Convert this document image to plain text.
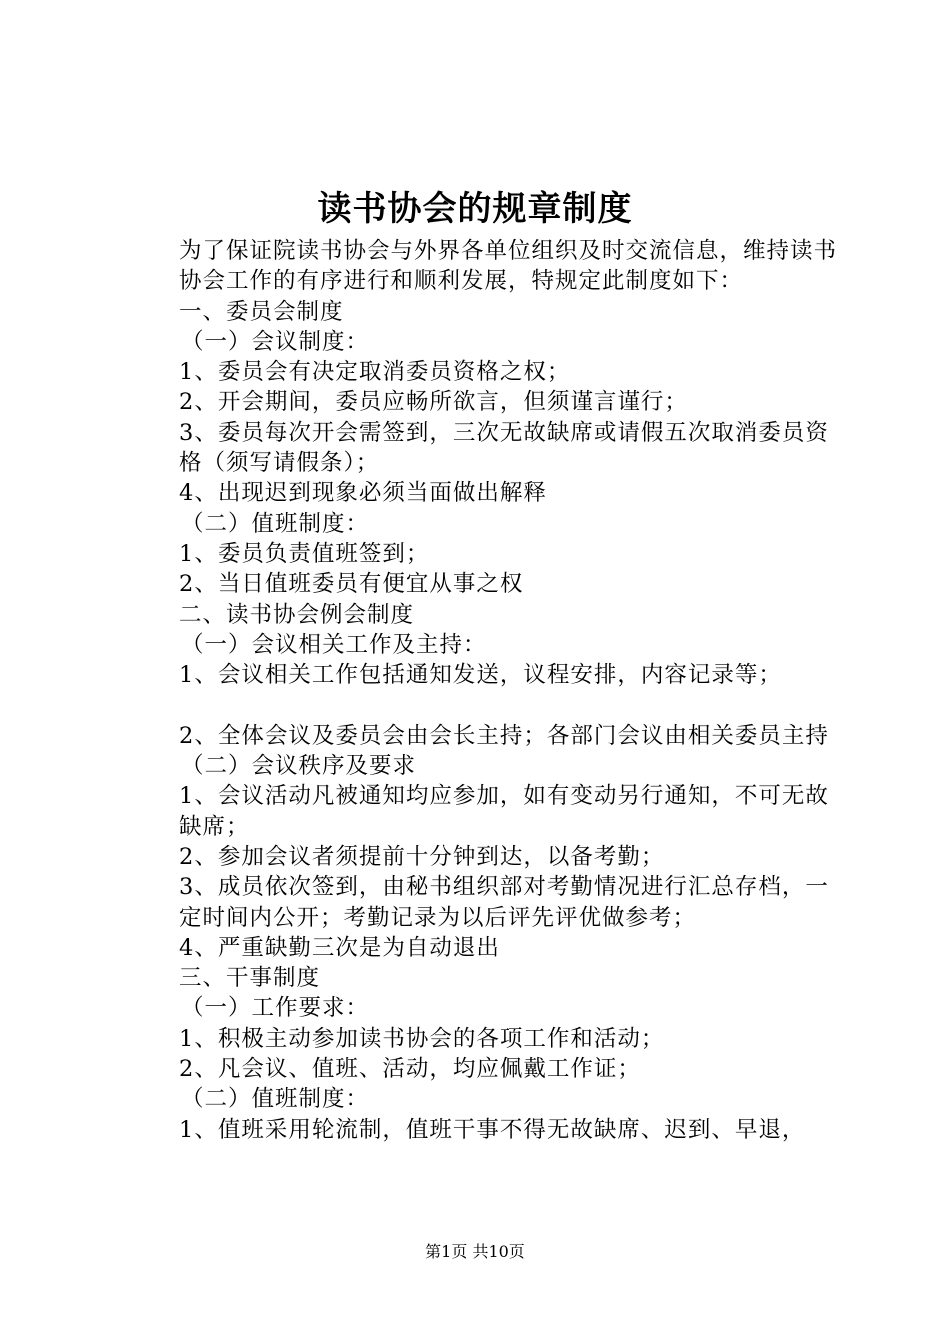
读书协会的规章制度

为了保证院读书协会与外界各单位组织及时交流信息，维持读书协会工作的有序进行和顺利发展，特规定此制度如下：

一、委员会制度

（一）会议制度：

1、委员会有决定取消委员资格之权；

2、开会期间，委员应畅所欲言，但须谨言谨行；

3、委员每次开会需签到，三次无故缺席或请假五次取消委员资格（须写请假条）；

4、出现迟到现象必须当面做出解释

（二）值班制度：

1、委员负责值班签到；

2、当日值班委员有便宜从事之权

二、读书协会例会制度

（一）会议相关工作及主持：

1、会议相关工作包括通知发送，议程安排，内容记录等；

2、全体会议及委员会由会长主持；各部门会议由相关委员主持

（二）会议秩序及要求

1、会议活动凡被通知均应参加，如有变动另行通知，不可无故缺席；

2、参加会议者须提前十分钟到达，以备考勤；

3、成员依次签到，由秘书组织部对考勤情况进行汇总存档，一定时间内公开；考勤记录为以后评先评优做参考；

4、严重缺勤三次是为自动退出

三、干事制度

（一）工作要求：

1、积极主动参加读书协会的各项工作和活动；

2、凡会议、值班、活动，均应佩戴工作证；

（二）值班制度：

1、值班采用轮流制，值班干事不得无故缺席、迟到、早退，

第1页 共10页
